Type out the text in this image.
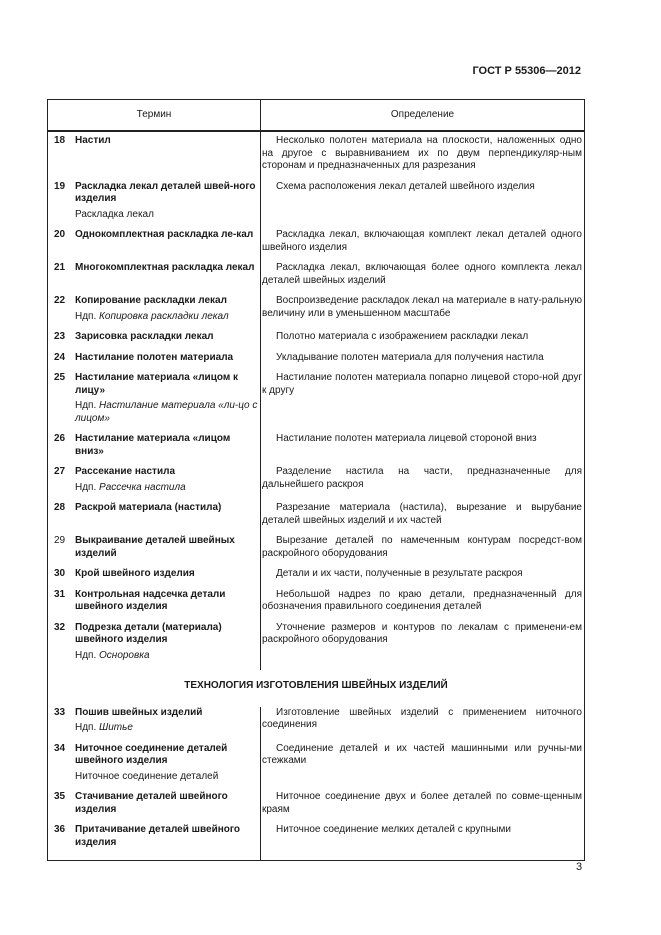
ГОСТ Р 55306—2012
Термин	Определение

18 Настил	Несколько полотен материала на плоскости, наложенных одно на другое с выравниванием их по двум перпендикуляр-ным сторонам и предназначенных для разрезания

19 Раскладка лекал деталей швей-ного изделия
Раскладка лекал	Схема расположения лекал деталей швейного изделия

20 Однокомплектная раскладка ле-кал	Раскладка лекал, включающая комплект лекал деталей одного швейного изделия

21 Многокомплектная раскладка лекал	Раскладка лекал, включающая более одного комплекта лекал деталей швейных изделий

22 Копирование раскладки лекал
Ндп. Копировка раскладки лекал	Воспроизведение раскладок лекал на материале в нату-ральную величину или в уменьшенном масштабе

23 Зарисовка раскладки лекал	Полотно материала с изображением раскладки лекал

24 Настилание полотен материала	Укладывание полотен материала для получения настила

25 Настилание материала «лицом к лицу»
Ндп. Настилание материала «ли-цо с лицом»	Настилание полотен материала попарно лицевой сторо-ной друг к другу

26 Настилание материала «лицом вниз»	Настилание полотен материала лицевой стороной вниз

27 Рассекание настила
Ндп. Рассечка настила	Разделение настила на части, предназначенные для дальнейшего раскроя

28 Раскрой материала (настила)	Разрезание материала (настила), вырезание и вырубание деталей швейных изделий и их частей

29 Выкраивание деталей швейных изделий	Вырезание деталей по намеченным контурам посредст-вом раскройного оборудования

30 Крой швейного изделия	Детали и их части, полученные в результате раскроя

31 Контрольная надсечка детали швейного изделия	Небольшой надрез по краю детали, предназначенный для обозначения правильного соединения деталей

32 Подрезка детали (материала) швейного изделия
Ндп. Оснoровка	Уточнение размеров и контуров по лекалам с применени-ем раскройного оборудования

ТЕХНОЛОГИЯ ИЗГОТОВЛЕНИЯ ШВЕЙНЫХ ИЗДЕЛИЙ	

33 Пошив швейных изделий
Ндп. Шитье	Изготовление швейных изделий с применением ниточного соединения

34 Ниточное соединение деталей швейного изделия
Ниточное соединение деталей	Соединение деталей и их частей машинными или ручны-ми стежками

35 Стачивание деталей швейного изделия	Ниточное соединение двух и более деталей по совме-щенным краям

36 Притачивание деталей швейного изделия	Ниточное соединение мелких деталей с крупными
3
